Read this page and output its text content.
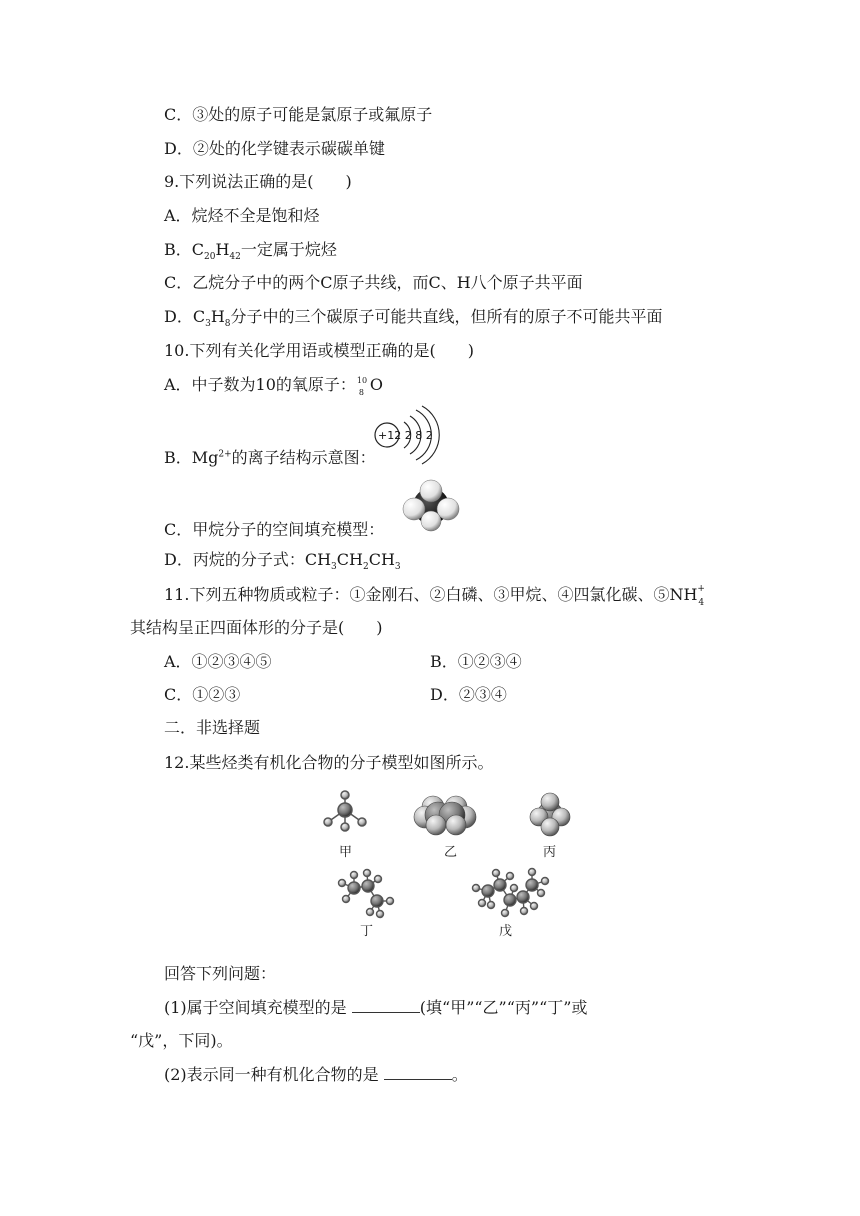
C．③处的原子可能是氯原子或氟原子
D．②处的化学键表示碳碳单键
9.下列说法正确的是(　　)
A．烷烃不全是饱和烃
B．$C_{20}H_{42}$一定属于烷烃
C．乙烷分子中的两个C原子共线，而C、H八个原子共平面
D．$C_3H_8$分子中的三个碳原子可能共直线，但所有的原子不可能共平面
10.下列有关化学用语或模型正确的是(　　)
A．中子数为10的氧原子： 10
8 O
B．$Mg^{2+}$的离子结构示意图：
+12 2 8 2
C．甲烷分子的空间填充模型：
D．丙烷的分子式：$CH_3CH_2CH_3$
11.下列五种物质或粒子：①金刚石、②白磷、③甲烷、④四氯化碳、⑤NH +
4
其结构呈正四面体形的分子是(　　)
A．①②③④⑤	B．①②③④
C．①②③	D．②③④
二．非选择题
12.某些烃类有机化合物的分子模型如图所示。
甲	乙	丙
丁	戊
回答下列问题：
(1)属于空间填充模型的是	(填“甲”“乙”“丙”“丁”或
“戊”，下同)。
(2)表示同一种有机化合物的是	。
